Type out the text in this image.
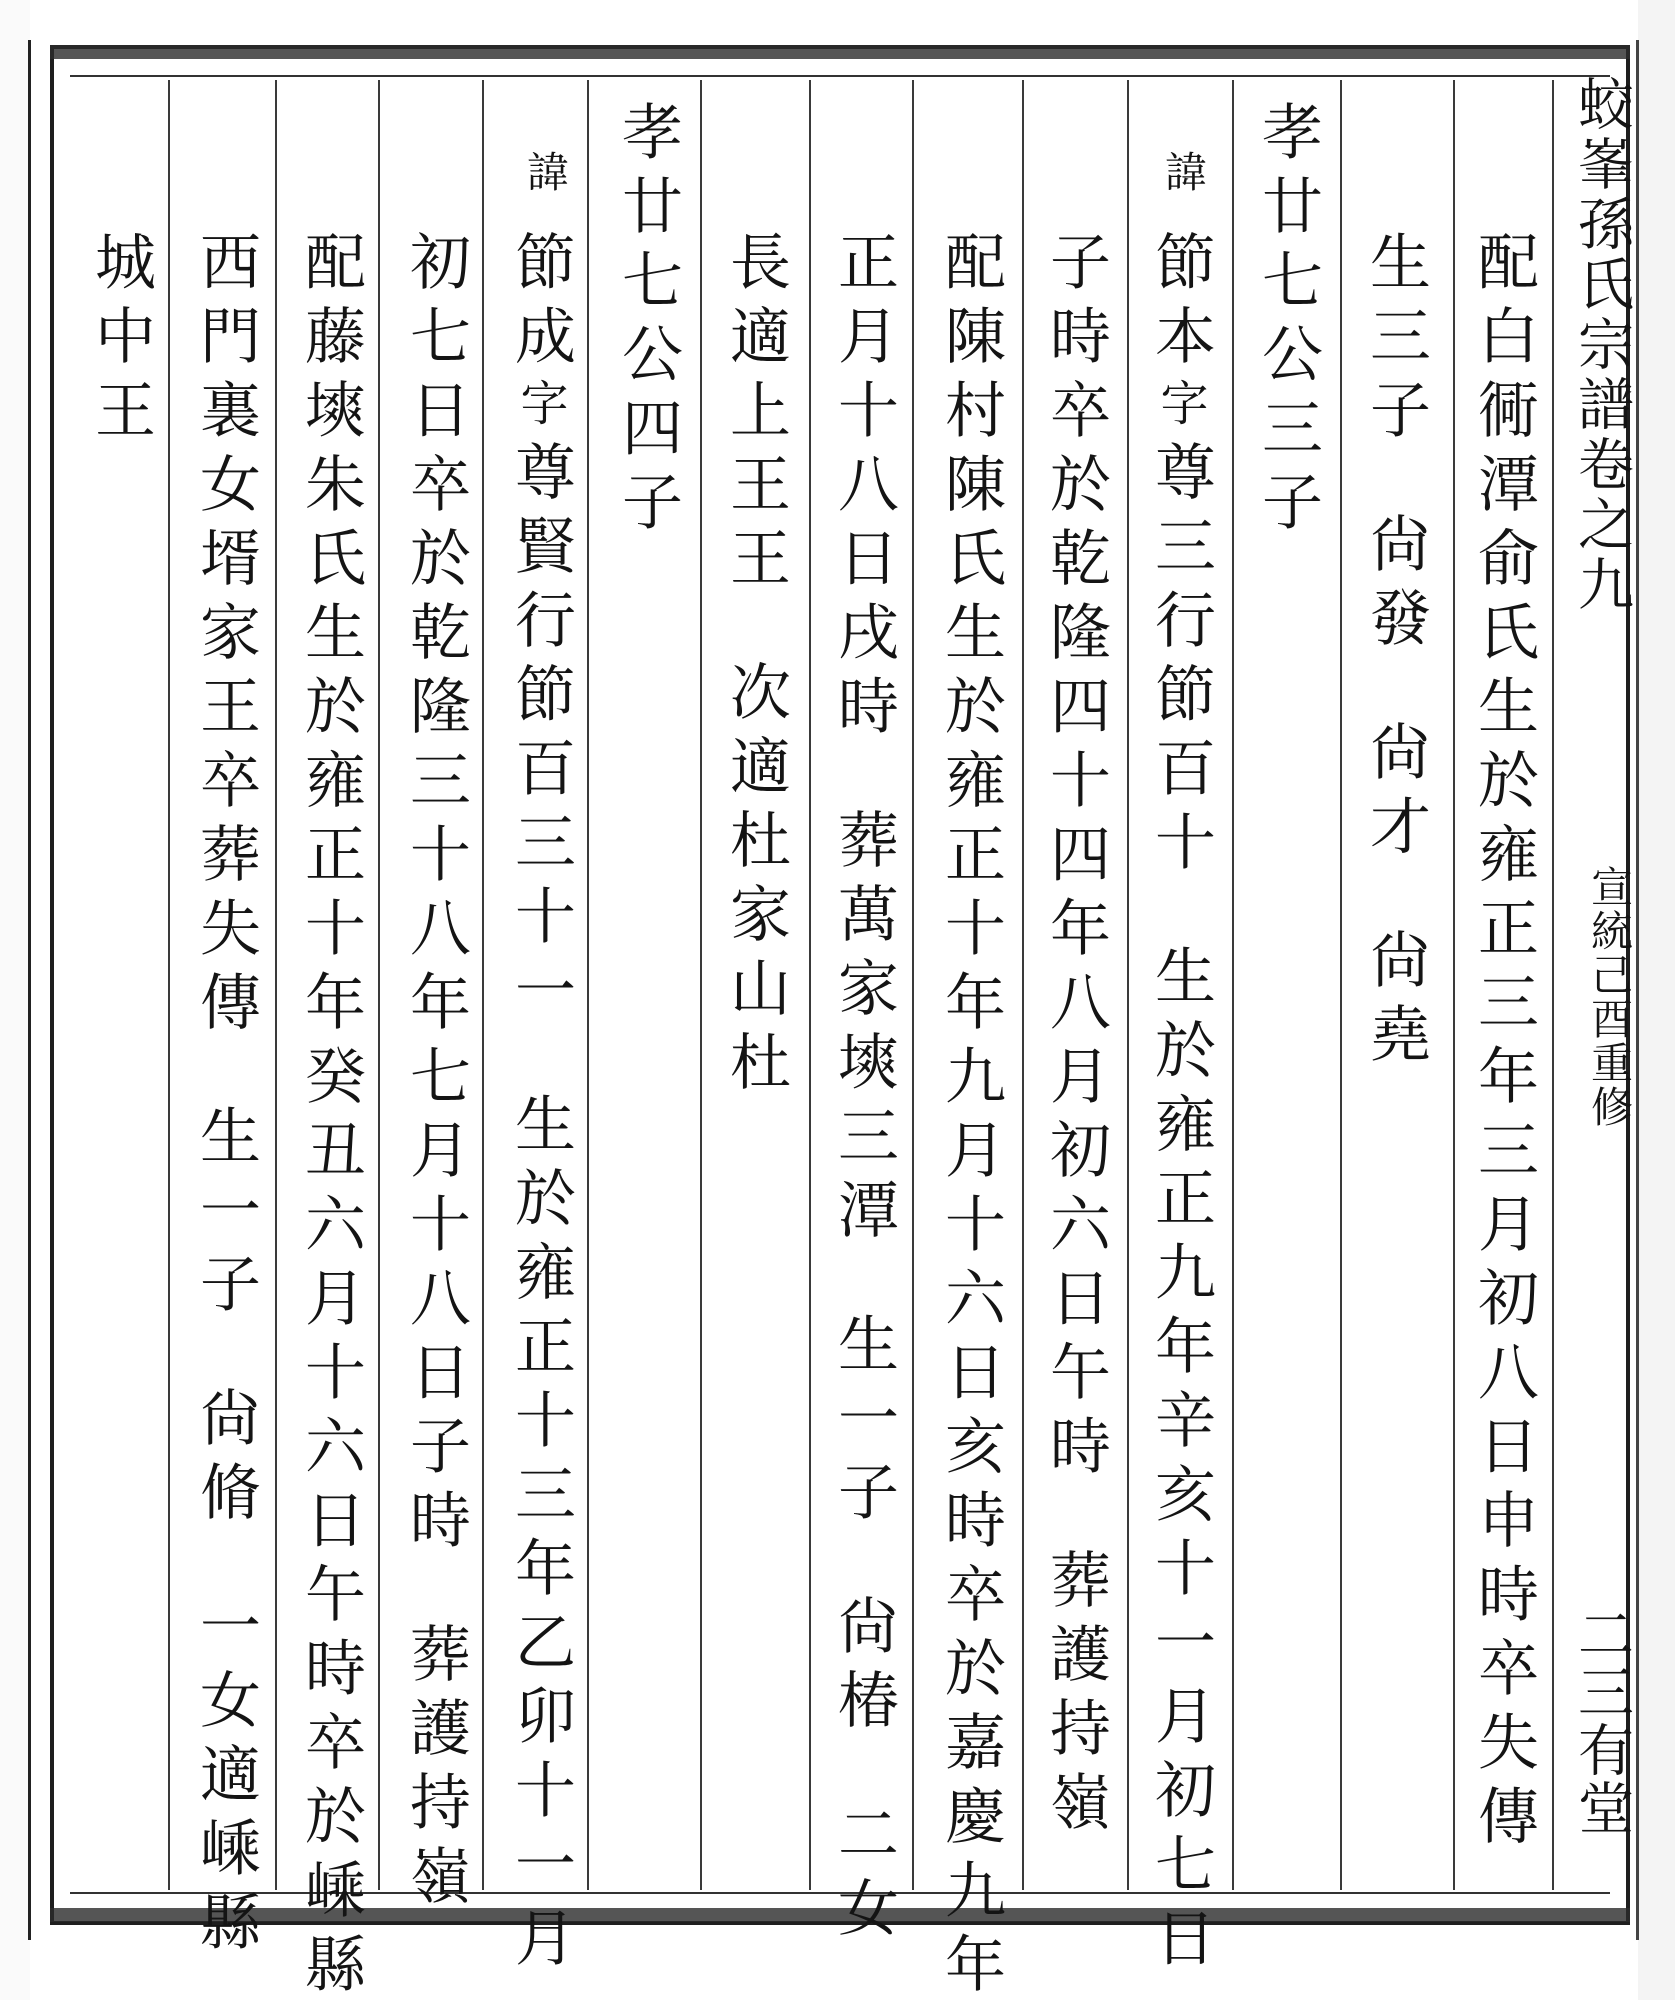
蛟峯孫氏宗譜卷之九
宣統己酉重修
二三有堂
配白衕潭俞氏生於雍正三年三月初八日申時卒失傳
生三子尙發尙才尙堯
孝廿七公三子
諱

節本字尊三行節百十生於雍正九年辛亥十一月初七日
子時卒於乾隆四十四年八月初六日午時葬護持嶺
配陳村陳氏生於雍正十年九月十六日亥時卒於嘉慶九年
正月十八日戌時葬萬家塽三潭生一子尙椿二女
長適上王王次適杜家山杜
孝廿七公四子
諱
節成字尊賢行節百三十一生於雍正十三年乙卯十一月
初七日卒於乾隆三十八年七月十八日子時葬護持嶺
配藤塽朱氏生於雍正十年癸丑六月十六日午時卒於嵊縣
西門裏女壻家王卒葬失傳生一子尙脩一女適嵊縣
城中王
